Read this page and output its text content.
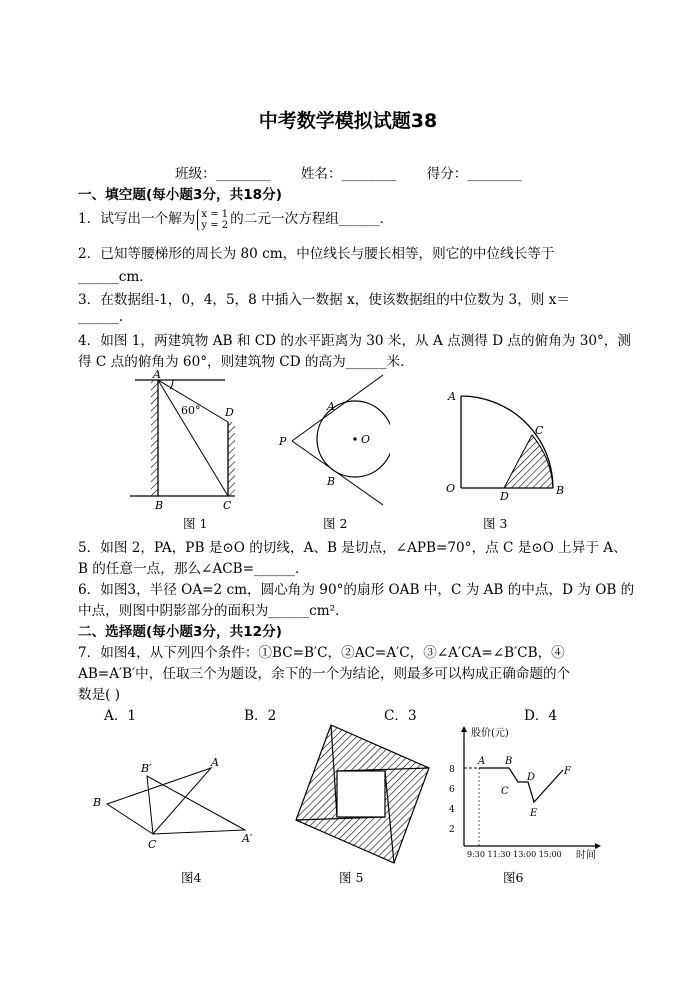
中考数学模拟试题38
班级：________ 姓名：________ 得分：________
一、填空题(每小题3分，共18分)
1．试写出一个解为 x = 1
y = 2 的二元一次方程组______．
2．已知等腰梯形的周长为 80 cm，中位线长与腰长相等，则它的中位线长等于
______cm．
3．在数据组-1，0，4，5，8 中插入一数据 x，使该数据组的中位数为 3，则 x＝
______.
4．如图 1，两建筑物 AB 和 CD 的水平距离为 30 米，从 A 点测得 D 点的俯角为 30°，测
得 C 点的俯角为 60°，则建筑物 CD 的高为______米．
A
60° D
B	C
图 1
P
A
O
B
图 2
A
O
C
D	B
图 3
5．如图 2，PA，PB 是⊙O 的切线，A、B 是切点，∠APB=70°，点 C 是⊙O 上异于 A、
B 的任意一点，那么∠ACB=______.
6．如图3，半径 OA=2 cm，圆心角为 90°的扇形 OAB 中，C 为 AB 的中点，D 为 OB 的
中点，则图中阴影部分的面积为______cm².
二、选择题(每小题3分，共12分)
7．如图4，从下列四个条件：①BC=B′C，②AC=A′C，③∠A′CA=∠B′CB，④
AB=A′B′中，任取三个为题设，余下的一个为结论，则最多可以构成正确命题的个
数是( )
A．1	B．2	C．3	D．4
B
B′	A
C	A′
图4	图 5
股价(元)
8
6
4
2
9:30 11:30 13:00 15:00 时间
A B
C
D
E
F
图6
